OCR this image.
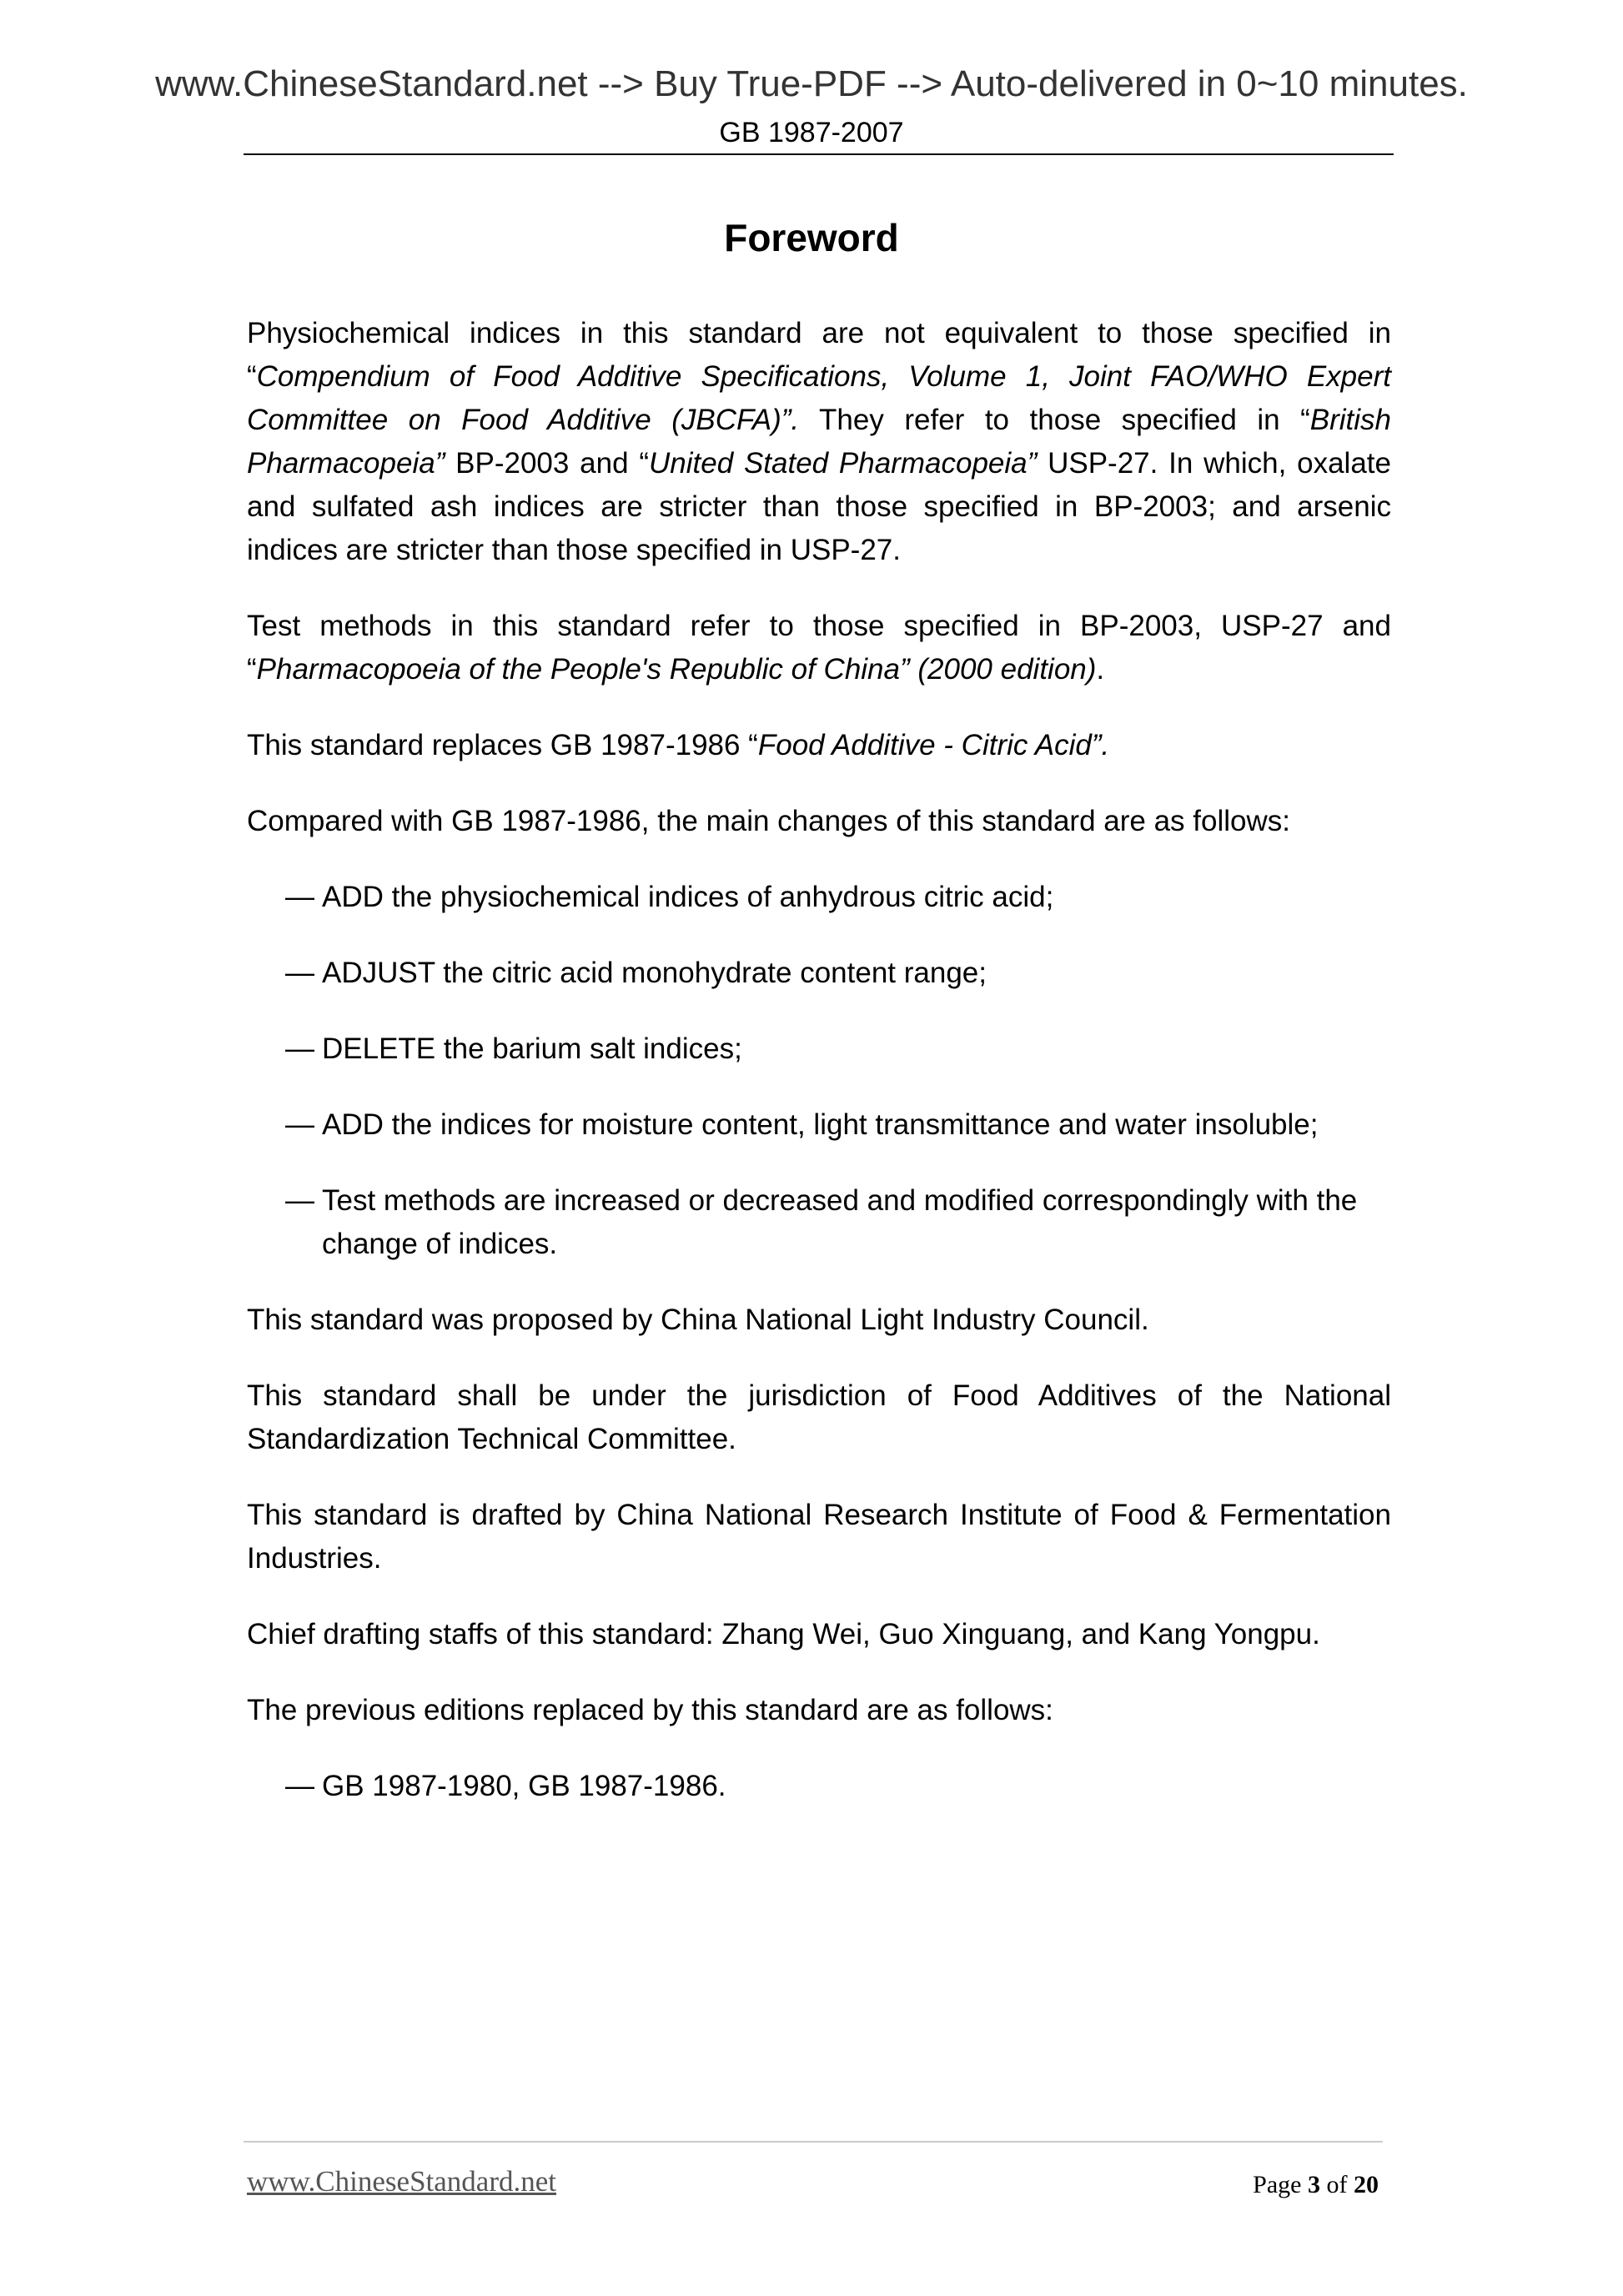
www.ChineseStandard.net --> Buy True-PDF --> Auto-delivered in 0~10 minutes.
GB 1987-2007
Foreword

Physiochemical indices in this standard are not equivalent to those specified in “Compendium of Food Additive Specifications, Volume 1, Joint FAO/WHO Expert Committee on Food Additive (JBCFA)”. They refer to those specified in “British Pharmacopeia” BP-2003 and “United Stated Pharmacopeia” USP-27. In which, oxalate and sulfated ash indices are stricter than those specified in BP-2003; and arsenic indices are stricter than those specified in USP-27.

Test methods in this standard refer to those specified in BP-2003, USP-27 and “Pharmacopoeia of the People's Republic of China” (2000 edition).

This standard replaces GB 1987-1986 “Food Additive - Citric Acid”.

Compared with GB 1987-1986, the main changes of this standard are as follows:

— ADD the physiochemical indices of anhydrous citric acid;
— ADJUST the citric acid monohydrate content range;
— DELETE the barium salt indices;
— ADD the indices for moisture content, light transmittance and water insoluble;
— Test methods are increased or decreased and modified correspondingly with the change of indices.

This standard was proposed by China National Light Industry Council.

This standard shall be under the jurisdiction of Food Additives of the National Standardization Technical Committee.

This standard is drafted by China National Research Institute of Food & Fermentation Industries.

Chief drafting staffs of this standard: Zhang Wei, Guo Xinguang, and Kang Yongpu.

The previous editions replaced by this standard are as follows:

— GB 1987-1980, GB 1987-1986.
www.ChineseStandard.net	Page 3 of 20
